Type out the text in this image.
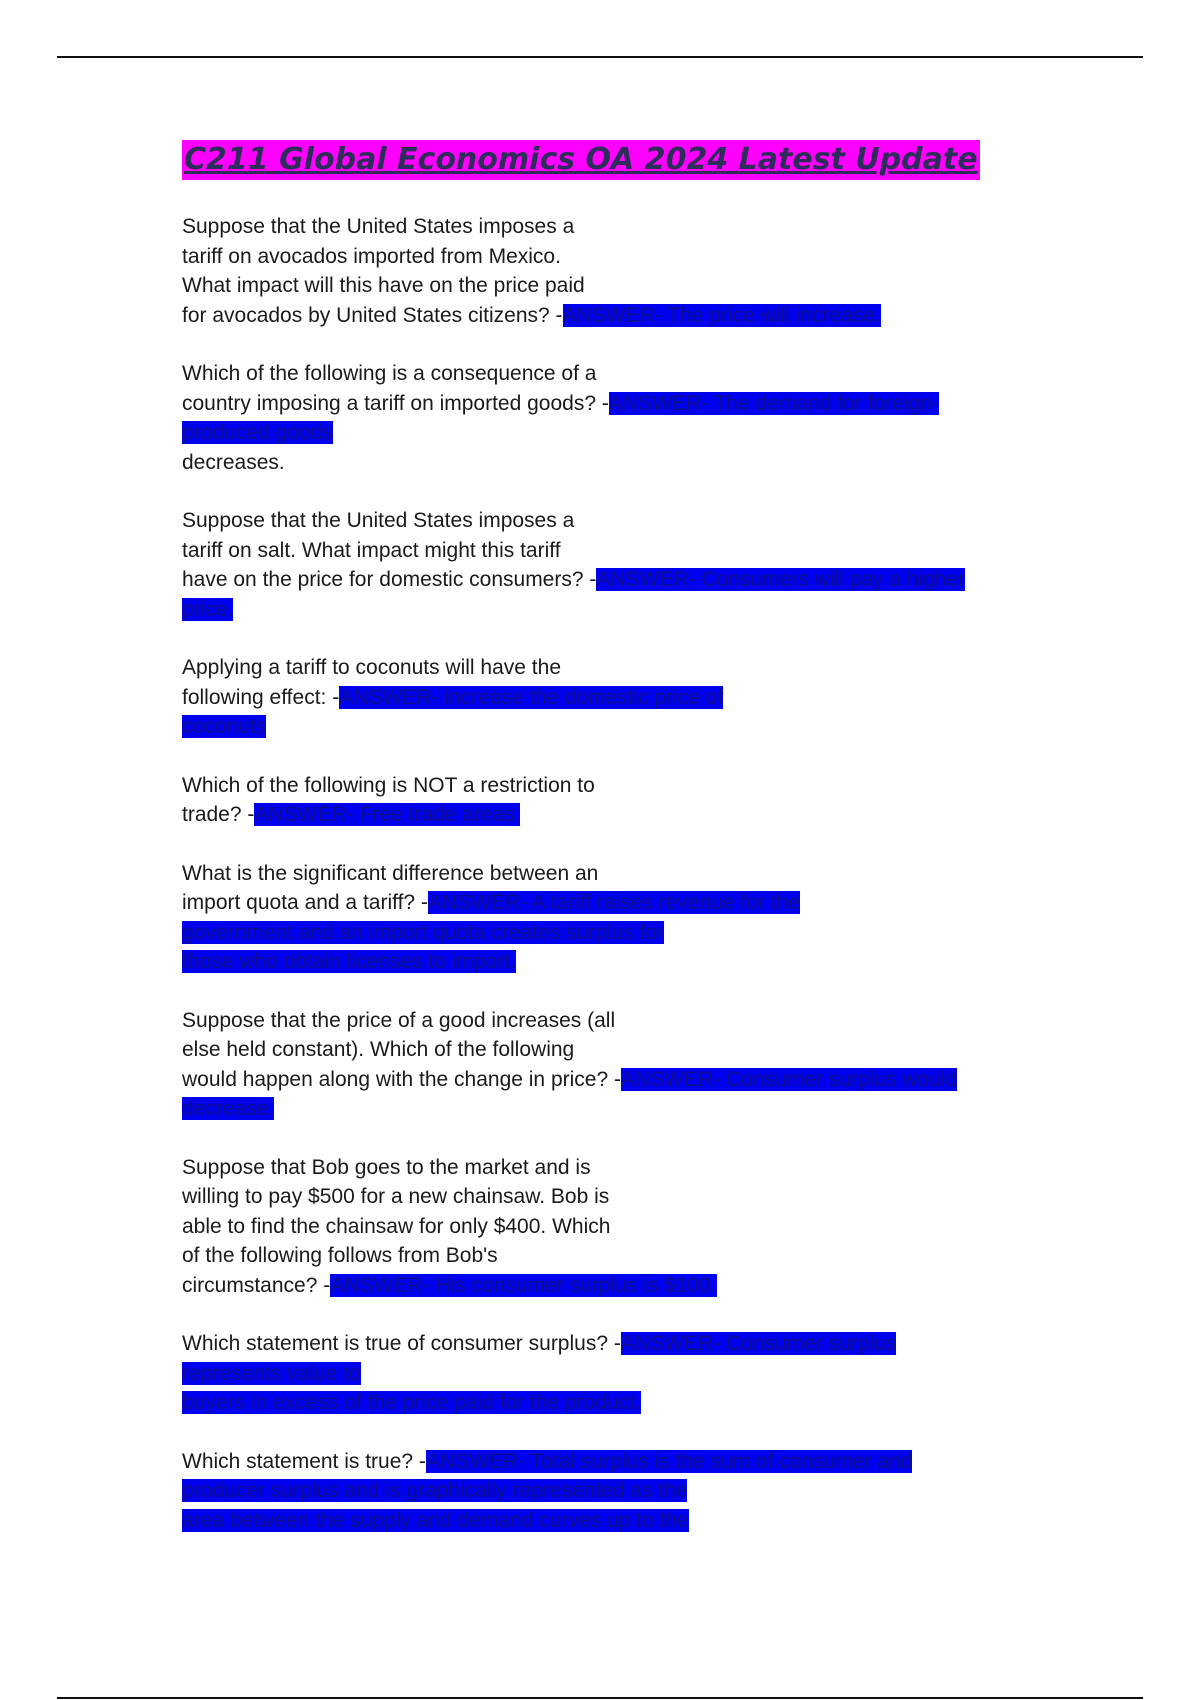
C211 Global Economics OA 2024 Latest Update
Suppose that the United States imposes a
tariff on avocados imported from Mexico.
What impact will this have on the price paid
for avocados by United States citizens? -ANSWER- The price will increase.
Which of the following is a consequence of a
country imposing a tariff on imported goods? -ANSWER- The demand for foreign-
produced goods
decreases.
Suppose that the United States imposes a
tariff on salt. What impact might this tariff
have on the price for domestic consumers? -ANSWER- Consumers will pay a higher
price.
Applying a tariff to coconuts will have the
following effect: -ANSWER- increase the domestic price of
coconuts
Which of the following is NOT a restriction to
trade? -ANSWER- Free trade areas.
What is the significant difference between an
import quota and a tariff? -ANSWER- A tariff raises revenue for the
government and an import quota creates surplus for
those who obtain licenses to import.
Suppose that the price of a good increases (all
else held constant). Which of the following
would happen along with the change in price? -ANSWER- Consumer surplus would
decrease.
Suppose that Bob goes to the market and is
willing to pay $500 for a new chainsaw. Bob is
able to find the chainsaw for only $400. Which
of the following follows from Bob's
circumstance? -ANSWER- His consumer surplus is $100.
Which statement is true of consumer surplus? -ANSWER- Consumer surplus
represents value to
buyers in excess of the price paid for the product.
Which statement is true? -ANSWER- Total surplus is the sum of consumer and
producer surplus and is graphically represented as the
area between the supply and demand curves up to the
